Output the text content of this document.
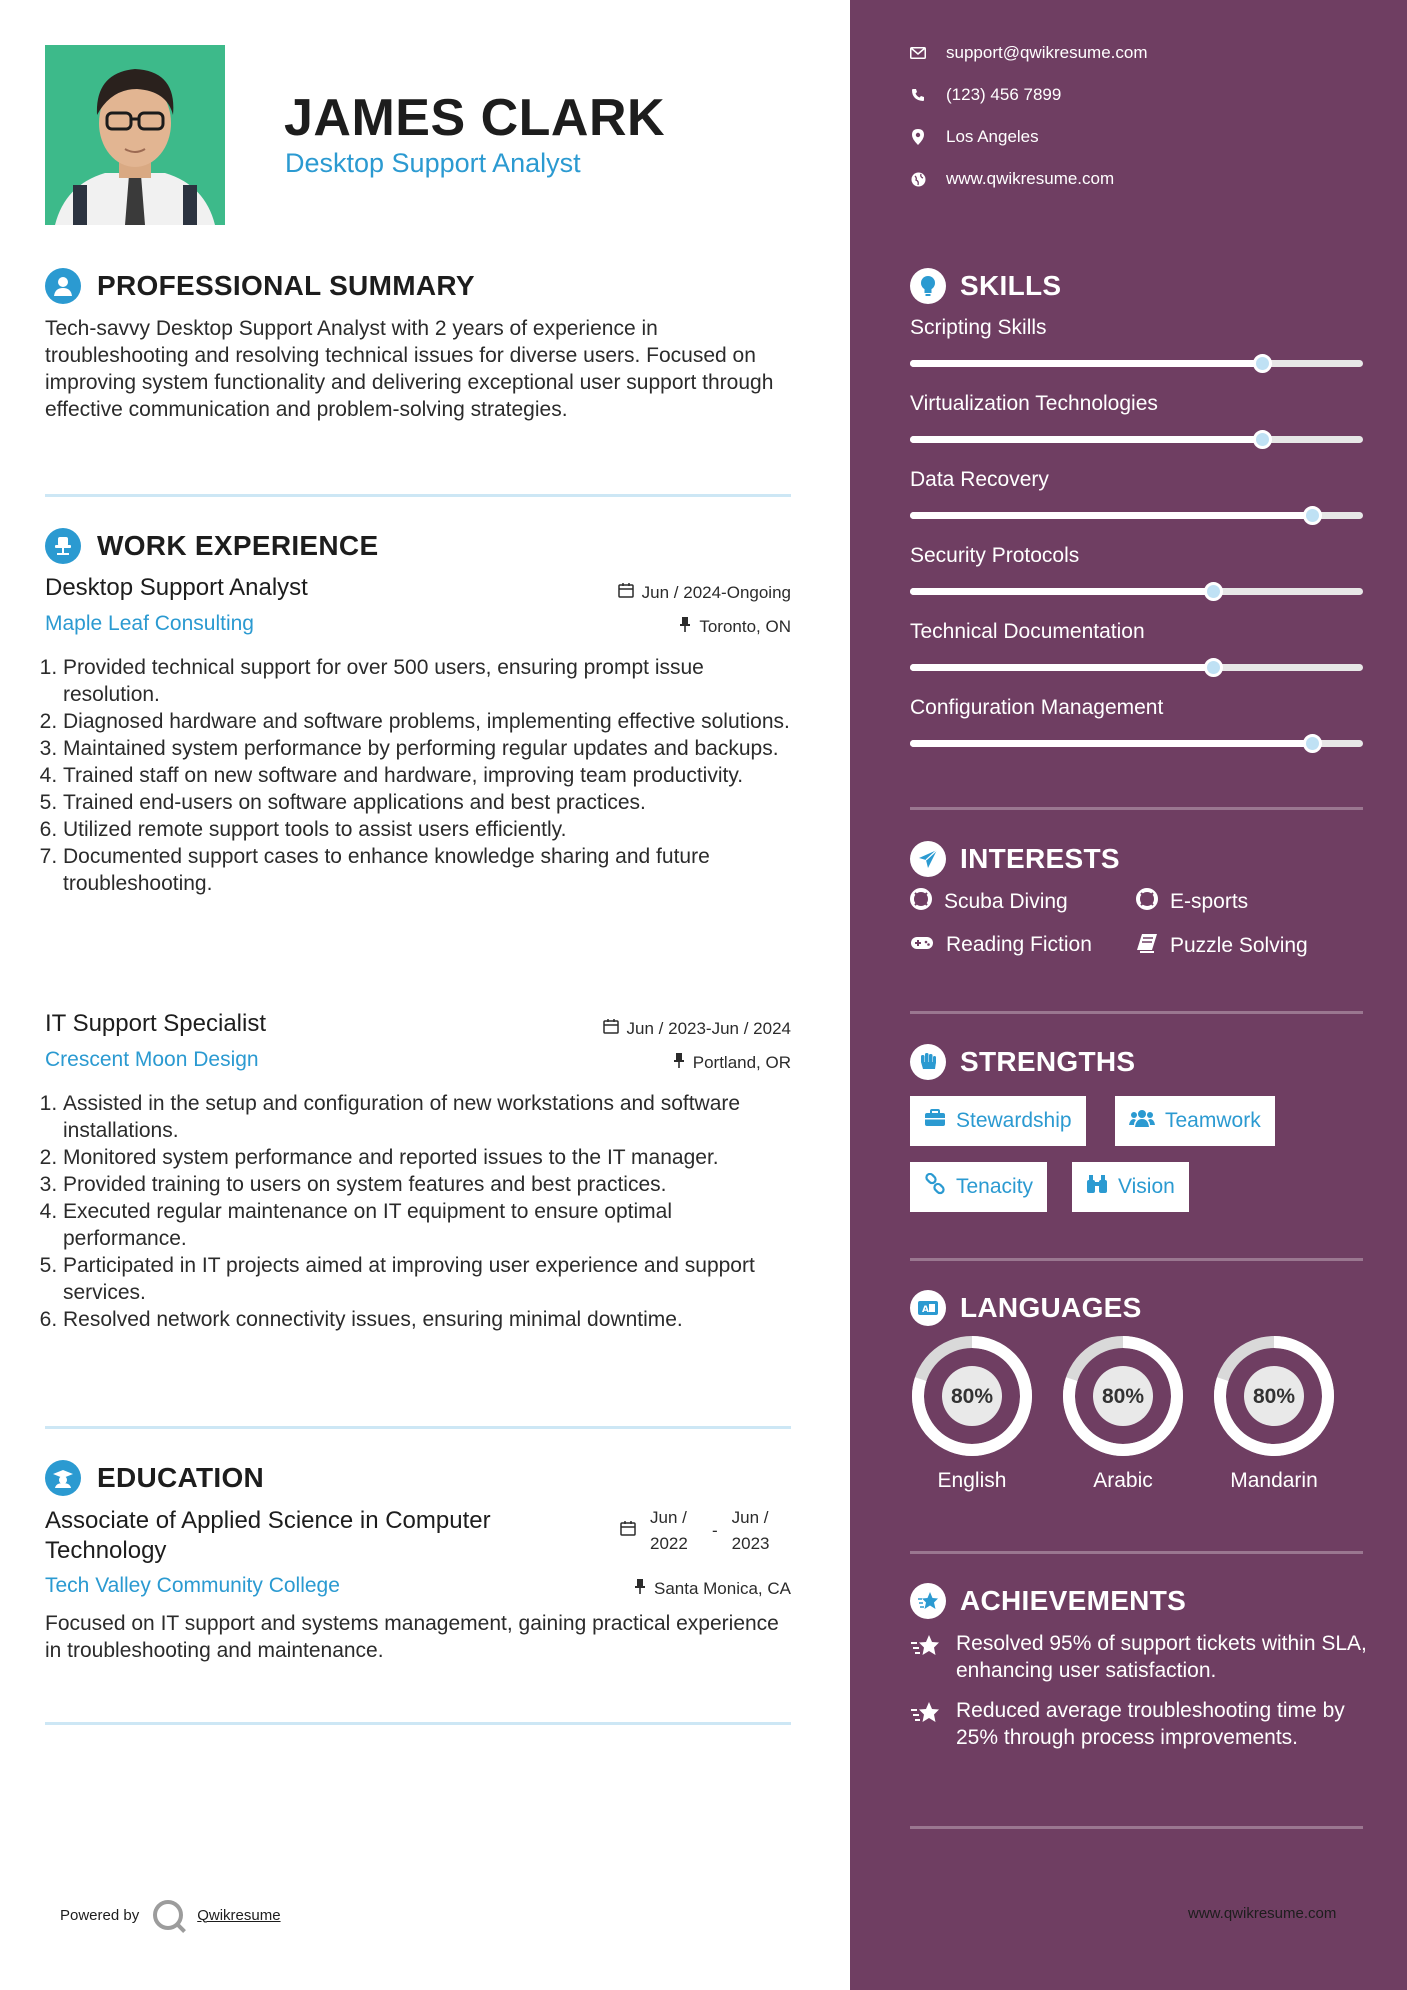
JAMES CLARK
Desktop Support Analyst
PROFESSIONAL SUMMARY
Tech-savvy Desktop Support Analyst with 2 years of experience in troubleshooting and resolving technical issues for diverse users. Focused on improving system functionality and delivering exceptional user support through effective communication and problem-solving strategies.
WORK EXPERIENCE
Desktop Support Analyst	Jun / 2024-Ongoing
Maple Leaf Consulting	Toronto, ON
1. Provided technical support for over 500 users, ensuring prompt issue resolution.
2. Diagnosed hardware and software problems, implementing effective solutions.
3. Maintained system performance by performing regular updates and backups.
4. Trained staff on new software and hardware, improving team productivity.
5. Trained end-users on software applications and best practices.
6. Utilized remote support tools to assist users efficiently.
7. Documented support cases to enhance knowledge sharing and future troubleshooting.
IT Support Specialist	Jun / 2023-Jun / 2024
Crescent Moon Design	Portland, OR
1. Assisted in the setup and configuration of new workstations and software installations.
2. Monitored system performance and reported issues to the IT manager.
3. Provided training to users on system features and best practices.
4. Executed regular maintenance on IT equipment to ensure optimal performance.
5. Participated in IT projects aimed at improving user experience and support services.
6. Resolved network connectivity issues, ensuring minimal downtime.
EDUCATION
Associate of Applied Science in Computer Technology
Jun / 2022
-
Jun / 2023
Tech Valley Community College	Santa Monica, CA
Focused on IT support and systems management, gaining practical experience in troubleshooting and maintenance.
Powered by	Qwikresume
support@qwikresume.com
(123) 456 7899
Los Angeles
www.qwikresume.com
SKILLS
Scripting Skills
Virtualization Technologies
Data Recovery
Security Protocols
Technical Documentation
Configuration Management
INTERESTS
Scuba Diving	E-sports
Reading Fiction	Puzzle Solving
STRENGTHS
Stewardship	Teamwork
Tenacity	Vision
A LANGUAGES
80%
English
80%
Arabic
80%
Mandarin
ACHIEVEMENTS
Resolved 95% of support tickets within SLA, enhancing user satisfaction.
Reduced average troubleshooting time by 25% through process improvements.
www.qwikresume.com
